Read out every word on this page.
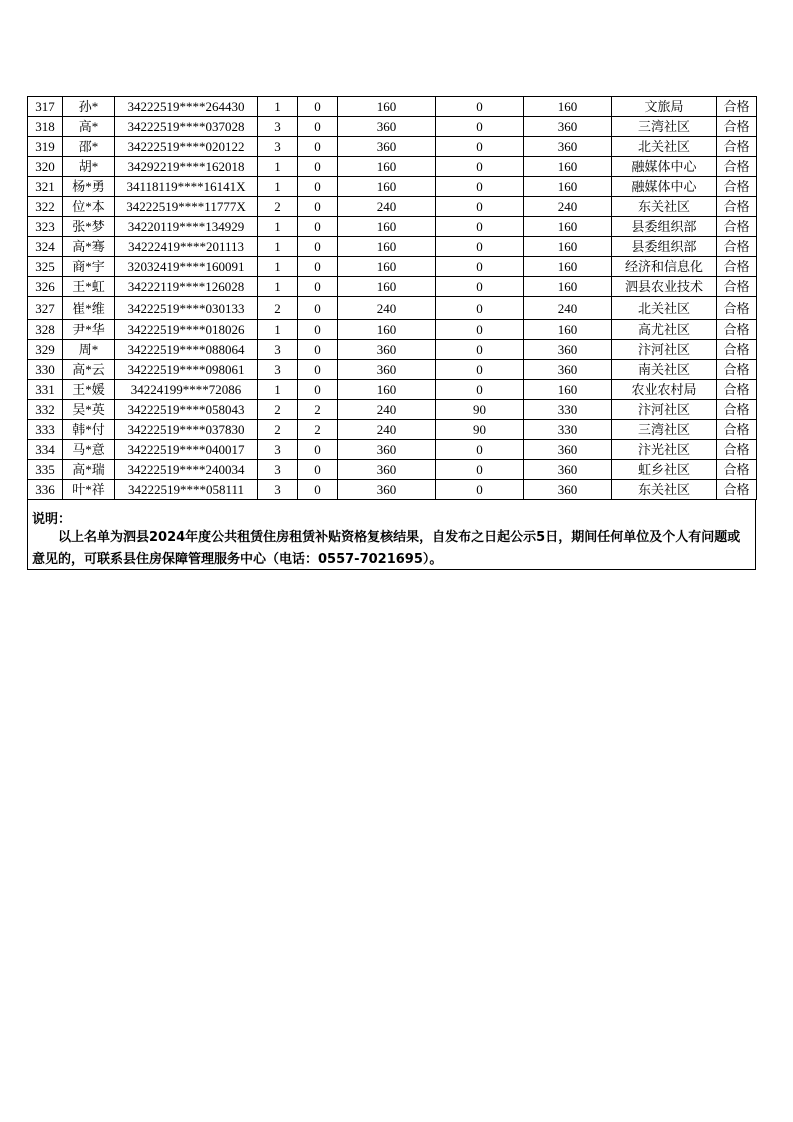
317	孙*	34222519****264430	1	0	160	0	160	文旅局	合格
318	高*	34222519****037028	3	0	360	0	360	三湾社区	合格
319	邵*	34222519****020122	3	0	360	0	360	北关社区	合格
320	胡*	34292219****162018	1	0	160	0	160	融媒体中心	合格
321	杨*勇	34118119****16141X	1	0	160	0	160	融媒体中心	合格
322	位*本	34222519****11777X	2	0	240	0	240	东关社区	合格
323	张*梦	34220119****134929	1	0	160	0	160	县委组织部	合格
324	高*骞	34222419****201113	1	0	160	0	160	县委组织部	合格
325	商*宇	32032419****160091	1	0	160	0	160	经济和信息化	合格
326	王*虹	34222119****126028	1	0	160	0	160	泗县农业技术	合格
327	崔*维	34222519****030133	2	0	240	0	240	北关社区	合格
328	尹*华	34222519****018026	1	0	160	0	160	高尤社区	合格
329	周*	34222519****088064	3	0	360	0	360	汴河社区	合格
330	高*云	34222519****098061	3	0	360	0	360	南关社区	合格
331	王*媛	34224199****72086	1	0	160	0	160	农业农村局	合格
332	吴*英	34222519****058043	2	2	240	90	330	汴河社区	合格
333	韩*付	34222519****037830	2	2	240	90	330	三湾社区	合格
334	马*意	34222519****040017	3	0	360	0	360	汴光社区	合格
335	高*瑞	34222519****240034	3	0	360	0	360	虹乡社区	合格
336	叶*祥	34222519****058111	3	0	360	0	360	东关社区	合格
说明：
以上名单为泗县2024年度公共租赁住房租赁补贴资格复核结果，自发布之日起公示5日，期间任何单位及个人有问题或意见的，可联系县住房保障管理服务中心（电话：0557-7021695）。
